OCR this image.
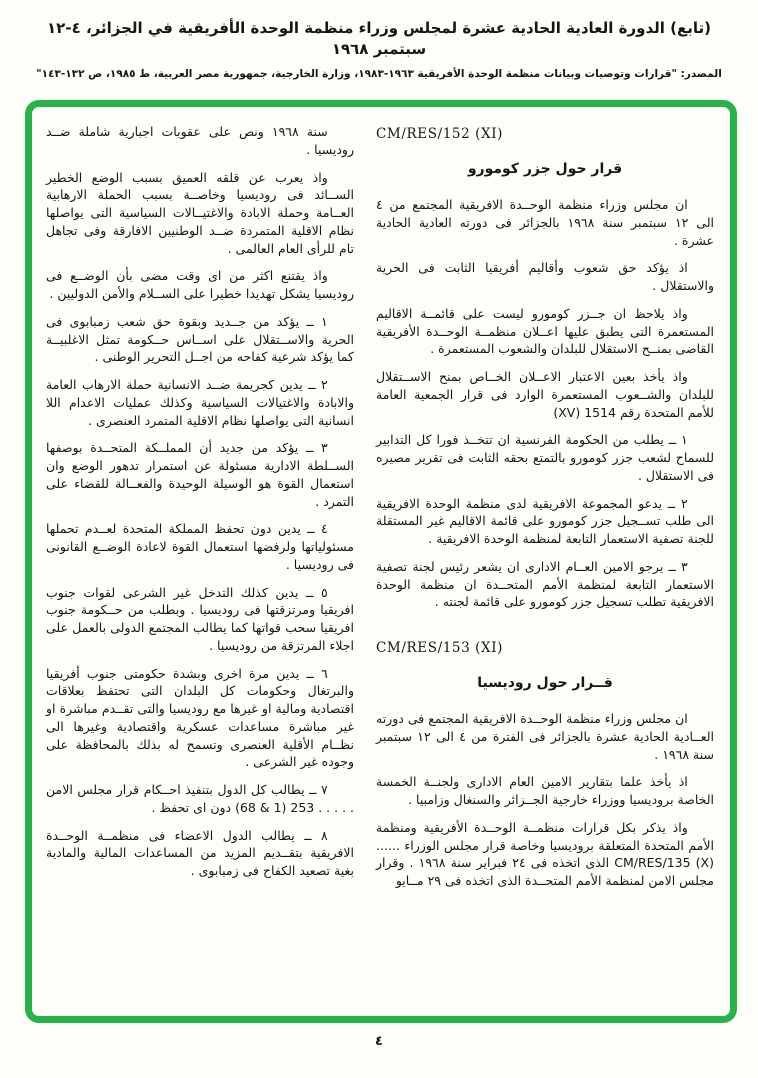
(تابع) الدورة العادية الحادية عشرة لمجلس وزراء منظمة الوحدة الأفريقية في الجزائر، ٤-١٢ سبتمبر ١٩٦٨
المصدر: "قرارات وتوصيات وبيانات منظمة الوحدة الأفريقية ١٩٦٣-١٩٨٣، وزارة الخارجية، جمهورية مصر العربية، ط ١٩٨٥، ص ١٣٢-١٤٣"

CM/RES/152 (XI)

قرار حول جزر كومورو

ان مجلس وزراء منظمة الوحــدة الافريقية المجتمع من ٤ الى ١٢ سبتمبر سنة ١٩٦٨ بالجزائر فى دورته العادية الحادية عشرة .

اذ يؤكد حق شعوب وأقاليم أفريقيا الثابت فى الحرية والاستقلال .

واذ يلاحظ ان جــزر كومورو ليست على قائمــة الاقاليم المستعمرة التى يطبق عليها اعــلان منظمــة الوحــدة الأفريقية القاضى بمنــح الاستقلال للبلدان والشعوب المستعمرة .

واذ يأخذ بعين الاعتبار الاعــلان الخــاص بمنح الاســتقلال للبلدان والشــعوب المستعمرة الوارد فى قرار الجمعية العامة للأمم المتحدة رقم 1514 (XV)

١ ــ يطلب من الحكومة الفرنسية ان تتخــذ فورا كل التدابير للسماح لشعب جزر كومورو بالتمتع بحقه الثابت فى تقرير مصيره فى الاستقلال .

٢ ــ يدعو المجموعة الافريقية لدى منظمة الوحدة الافريقية الى طلب تســجيل جزر كومورو على قائمة الاقاليم غير المستقلة للجنة تصفية الاستعمار التابعة لمنظمة الوحدة الافريقية .

٣ ــ يرجو الامين العــام الادارى ان يشعر رئيس لجنة تصفية الاستعمار التابعة لمنظمة الأمم المتحــدة ان منظمة الوحدة الافريقية تطلب تسجيل جزر كومورو على قائمة لجنته .

CM/RES/153 (XI)

قــرار حول روديسيا

ان مجلس وزراء منظمة الوحــدة الافريقية المجتمع فى دورته العــادية الحادية عشرة بالجزائر فى الفترة من ٤ الى ١٢ سبتمبر سنة ١٩٦٨ .

اذ يأخذ علما بتقارير الامين العام الادارى ولجنــة الخمسة الخاصة بروديسيا ووزراء خارجية الجــزائر والسنغال وزامبيا .

واذ يذكر بكل قرارات منظمــة الوحــدة الأفريقية ومنظمة الأمم المتحدة المتعلقة بروديسيا وخاصة قرار مجلس الوزراء ...... CM/RES/135 (X) الذى اتخذه فى ٢٤ فبراير سنة ١٩٦٨ . وقرار مجلس الامن لمنظمة الأمم المتحــدة الذى اتخذه فى ٢٩ مــايو

سنة ١٩٦٨ ونص على عقوبات اجبارية شاملة ضــد روديسيا .

واذ يعرب عن قلقه العميق بسبب الوضع الخطير الســائد فى روديسيا وخاصــة بسبب الحملة الارهابية العــامة وحملة الابادة والاغتيــالات السياسية التى يواصلها نظام الاقلية المتمردة ضــد الوطنيين الافارقة وفى تجاهل تام للرأى العام العالمى .

واذ يقتنع اكثر من اى وقت مضى بأن الوضــع فى روديسيا يشكل تهديدا خطيرا على الســلام والأمن الدوليين .

١ ــ يؤكد من جــديد وبقوة حق شعب زمبابوى فى الحرية والاســتقلال على اســاس حــكومة تمثل الاغلبيــة كما يؤكد شرعية كفاحه من اجــل التحرير الوطنى .

٢ ــ يدين كجريمة ضــد الانسانية حملة الارهاب العامة والابادة والاغتيالات السياسية وكذلك عمليات الاعدام اللا انسانية التى يواصلها نظام الاقلية المتمرد العنصرى .

٣ ــ يؤكد من جديد أن المملــكة المتحــدة بوصفها الســلطة الادارية مسئولة عن استمرار تدهور الوضع وان استعمال القوة هو الوسيلة الوحيدة والفعــالة للقضاء على التمرد .

٤ ــ يدين دون تحفظ المملكة المتحدة لعــدم تحملها مسئولياتها ولرفضها استعمال القوة لاعادة الوضــع القانونى فى روديسيا .

٥ ــ يدين كذلك التدخل غير الشرعى لقوات جنوب افريقيا ومرتزقتها فى روديسيا . وبطلب من حــكومة جنوب افريقيا سحب قواتها كما يطالب المجتمع الدولى بالعمل على اجلاء المرتزقة من روديسيا .

٦ ــ يدين مرة اخرى وبشدة حكومتى جنوب أفريقيا والبرتغال وحكومات كل البلدان التى تحتفظ بعلاقات اقتصادية ومالية او غيرها مع روديسيا والتى تقــدم مباشرة او غير مباشرة مساعدات عسكرية واقتصادية وغيرها الى نظــام الأقلية العنصرى وتسمح له بذلك بالمحافظة على وجوده غير الشرعى .

٧ ــ يطالب كل الدول بتنفيذ احــكام قرار مجلس الامن . . . . . 253 (1 & 68) دون اى تحفظ .

٨ ــ يطالب الدول الاعضاء فى منظمــة الوحــدة الافريقية بتقــديم المزيد من المساعدات المالية والمادية بغية تصعيد الكفاح فى زمبابوى .

٤
